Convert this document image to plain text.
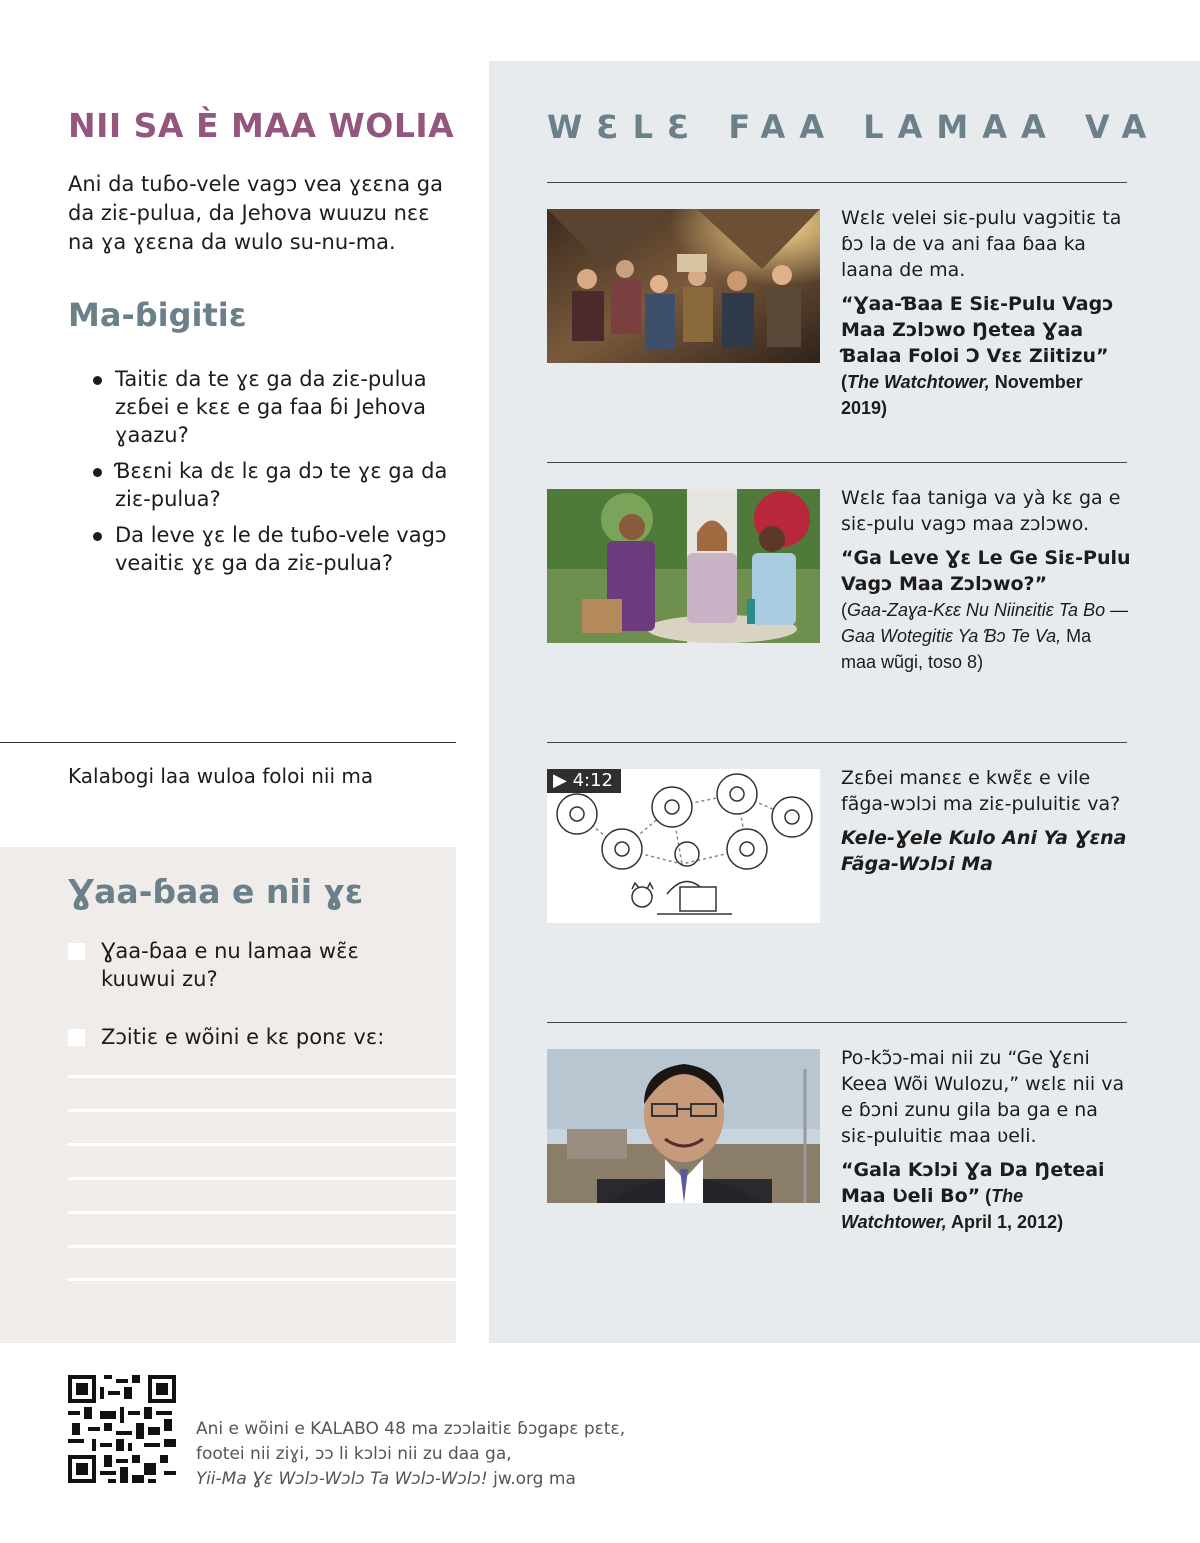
NII SA È MAA WOLIA

Ani da tuɓo-vele vagɔ vea ɣɛɛna ga da ziɛ-pulua, da Jehova wuuzu nɛɛ na ɣa ɣɛɛna da wulo su-nu-ma.

Ma-ɓigitiɛ
Taitiɛ da te ɣɛ ga da ziɛ-pulua zɛɓei e kɛɛ e ga faa ɓi Jehova ɣaazu?
Ɓɛɛni ka dɛ lɛ ga dɔ te ɣɛ ga da ziɛ-pulua?
Da leve ɣɛ le de tuɓo-vele vagɔ veaitiɛ ɣɛ ga da ziɛ-pulua?
Kalabogi laa wuloa foloi nii ma
Ɣaa-ɓaa e nii ɣɛ
Ɣaa-ɓaa e nu lamaa wɛ̃ɛ kuuwui zu?
Zɔitiɛ e wõini e kɛ ponɛ vɛ:
WƐLƐ FAA LAMAA VA
Wɛlɛ velei siɛ-pulu vagɔitiɛ ta ɓɔ la de va ani faa ɓaa ka laana de ma.
“Ɣaa-Ɓaa E Siɛ-Pulu Vagɔ Maa Zɔlɔwo Ŋetea Ɣaa Ɓalaa Foloi Ɔ Vɛɛ Ziitizu” (The Watchtower, November 2019)
Wɛlɛ faa taniga va yà kɛ ga e siɛ-pulu vagɔ maa zɔlɔwo.
“Ga Leve Ɣɛ Le Ge Siɛ-Pulu Vagɔ Maa Zɔlɔwo?”
(Gaa-Zaɣa-Kɛɛ Nu Niinɛitiɛ Ta Bo —Gaa Wotegitiɛ Ya Ɓɔ Te Va, Ma maa wũgi, toso 8)
▶ 4:12	Zɛɓei manɛɛ e kwɛ̃ɛ e vile fãga-wɔlɔi ma ziɛ-puluitiɛ va?
Kele-Ɣele Kulo Ani Ya Ɣɛna Fãga-Wɔlɔi Ma
Po-kɔ̃ɔ-mai nii zu “Ge Ɣɛni Keea Wõi Wulozu,” wɛlɛ nii va e ɓɔni zunu gila ba ga e na siɛ-puluitiɛ maa ʋeli.
“Gala Kɔlɔi Ɣa Da Ŋeteai Maa Ʋeli Bo” (The Watchtower, April 1, 2012)
Ani e wõini e KALABO 48 ma zɔɔlaitiɛ ɓɔgapɛ pɛtɛ,
footei nii ziɣi, ɔɔ li kɔlɔi nii zu daa ga,
Yii-Ma Ɣɛ Wɔlɔ-Wɔlɔ Ta Wɔlɔ-Wɔlɔ! jw.org ma
